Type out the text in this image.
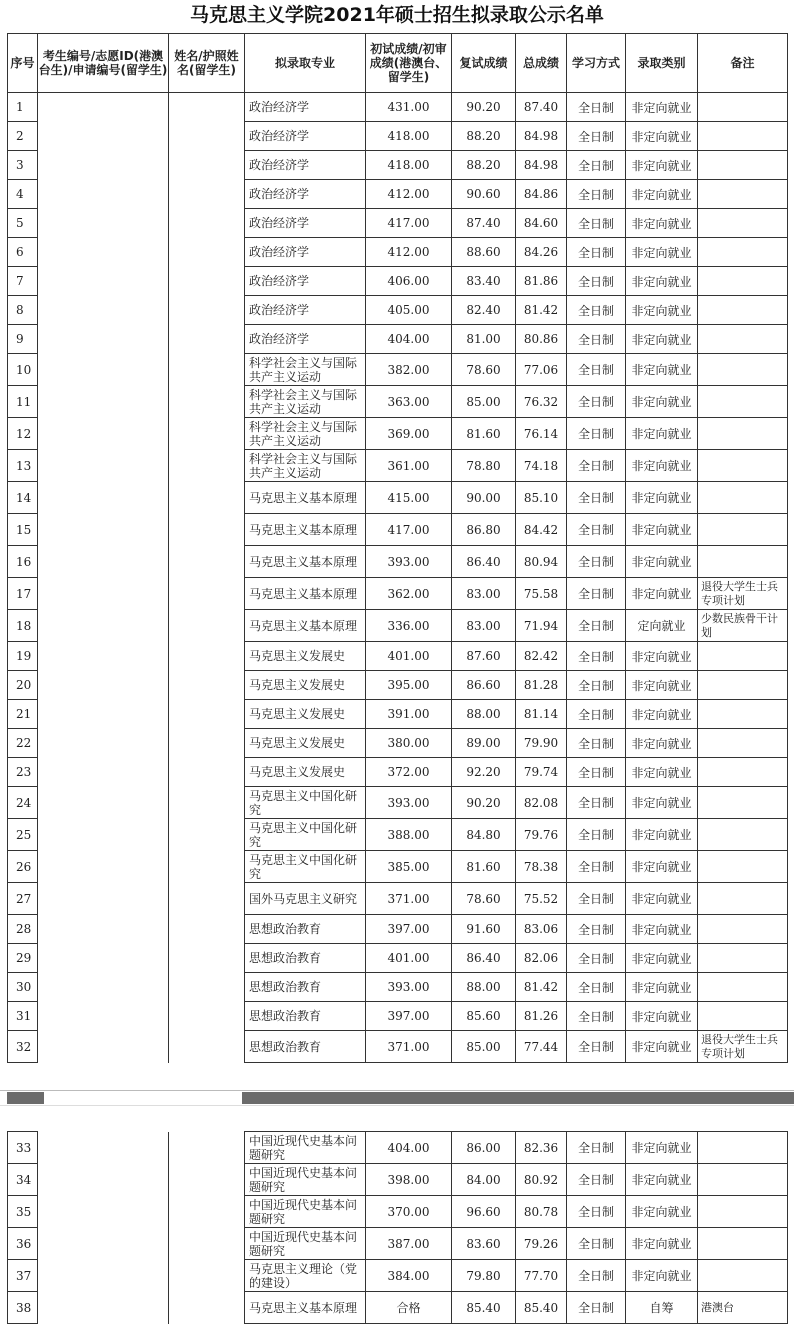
马克思主义学院2021年硕士招生拟录取公示名单
序号	考生编号/志愿ID(港澳台生)/申请编号(留学生)	姓名/护照姓名(留学生)	拟录取专业	初试成绩/初审成绩(港澳台、留学生)	复试成绩	总成绩	学习方式	录取类别	备注
1			政治经济学	431.00	90.20	87.40	全日制	非定向就业	
2			政治经济学	418.00	88.20	84.98	全日制	非定向就业	
3			政治经济学	418.00	88.20	84.98	全日制	非定向就业	
4			政治经济学	412.00	90.60	84.86	全日制	非定向就业	
5			政治经济学	417.00	87.40	84.60	全日制	非定向就业	
6			政治经济学	412.00	88.60	84.26	全日制	非定向就业	
7			政治经济学	406.00	83.40	81.86	全日制	非定向就业	
8			政治经济学	405.00	82.40	81.42	全日制	非定向就业	
9			政治经济学	404.00	81.00	80.86	全日制	非定向就业	
10			科学社会主义与国际共产主义运动	382.00	78.60	77.06	全日制	非定向就业	
11			科学社会主义与国际共产主义运动	363.00	85.00	76.32	全日制	非定向就业	
12			科学社会主义与国际共产主义运动	369.00	81.60	76.14	全日制	非定向就业	
13			科学社会主义与国际共产主义运动	361.00	78.80	74.18	全日制	非定向就业	
14			马克思主义基本原理	415.00	90.00	85.10	全日制	非定向就业	
15			马克思主义基本原理	417.00	86.80	84.42	全日制	非定向就业	
16			马克思主义基本原理	393.00	86.40	80.94	全日制	非定向就业	
17			马克思主义基本原理	362.00	83.00	75.58	全日制	非定向就业	退役大学生士兵专项计划
18			马克思主义基本原理	336.00	83.00	71.94	全日制	定向就业	少数民族骨干计划
19			马克思主义发展史	401.00	87.60	82.42	全日制	非定向就业	
20			马克思主义发展史	395.00	86.60	81.28	全日制	非定向就业	
21			马克思主义发展史	391.00	88.00	81.14	全日制	非定向就业	
22			马克思主义发展史	380.00	89.00	79.90	全日制	非定向就业	
23			马克思主义发展史	372.00	92.20	79.74	全日制	非定向就业	
24			马克思主义中国化研究	393.00	90.20	82.08	全日制	非定向就业	
25			马克思主义中国化研究	388.00	84.80	79.76	全日制	非定向就业	
26			马克思主义中国化研究	385.00	81.60	78.38	全日制	非定向就业	
27			国外马克思主义研究	371.00	78.60	75.52	全日制	非定向就业	
28			思想政治教育	397.00	91.60	83.06	全日制	非定向就业	
29			思想政治教育	401.00	86.40	82.06	全日制	非定向就业	
30			思想政治教育	393.00	88.00	81.42	全日制	非定向就业	
31			思想政治教育	397.00	85.60	81.26	全日制	非定向就业	
32			思想政治教育	371.00	85.00	77.44	全日制	非定向就业	退役大学生士兵专项计划
33			中国近现代史基本问题研究	404.00	86.00	82.36	全日制	非定向就业	
34			中国近现代史基本问题研究	398.00	84.00	80.92	全日制	非定向就业	
35			中国近现代史基本问题研究	370.00	96.60	80.78	全日制	非定向就业	
36			中国近现代史基本问题研究	387.00	83.60	79.26	全日制	非定向就业	
37			马克思主义理论（党的建设）	384.00	79.80	77.70	全日制	非定向就业	
38			马克思主义基本原理	合格	85.40	85.40	全日制	自筹	港澳台
